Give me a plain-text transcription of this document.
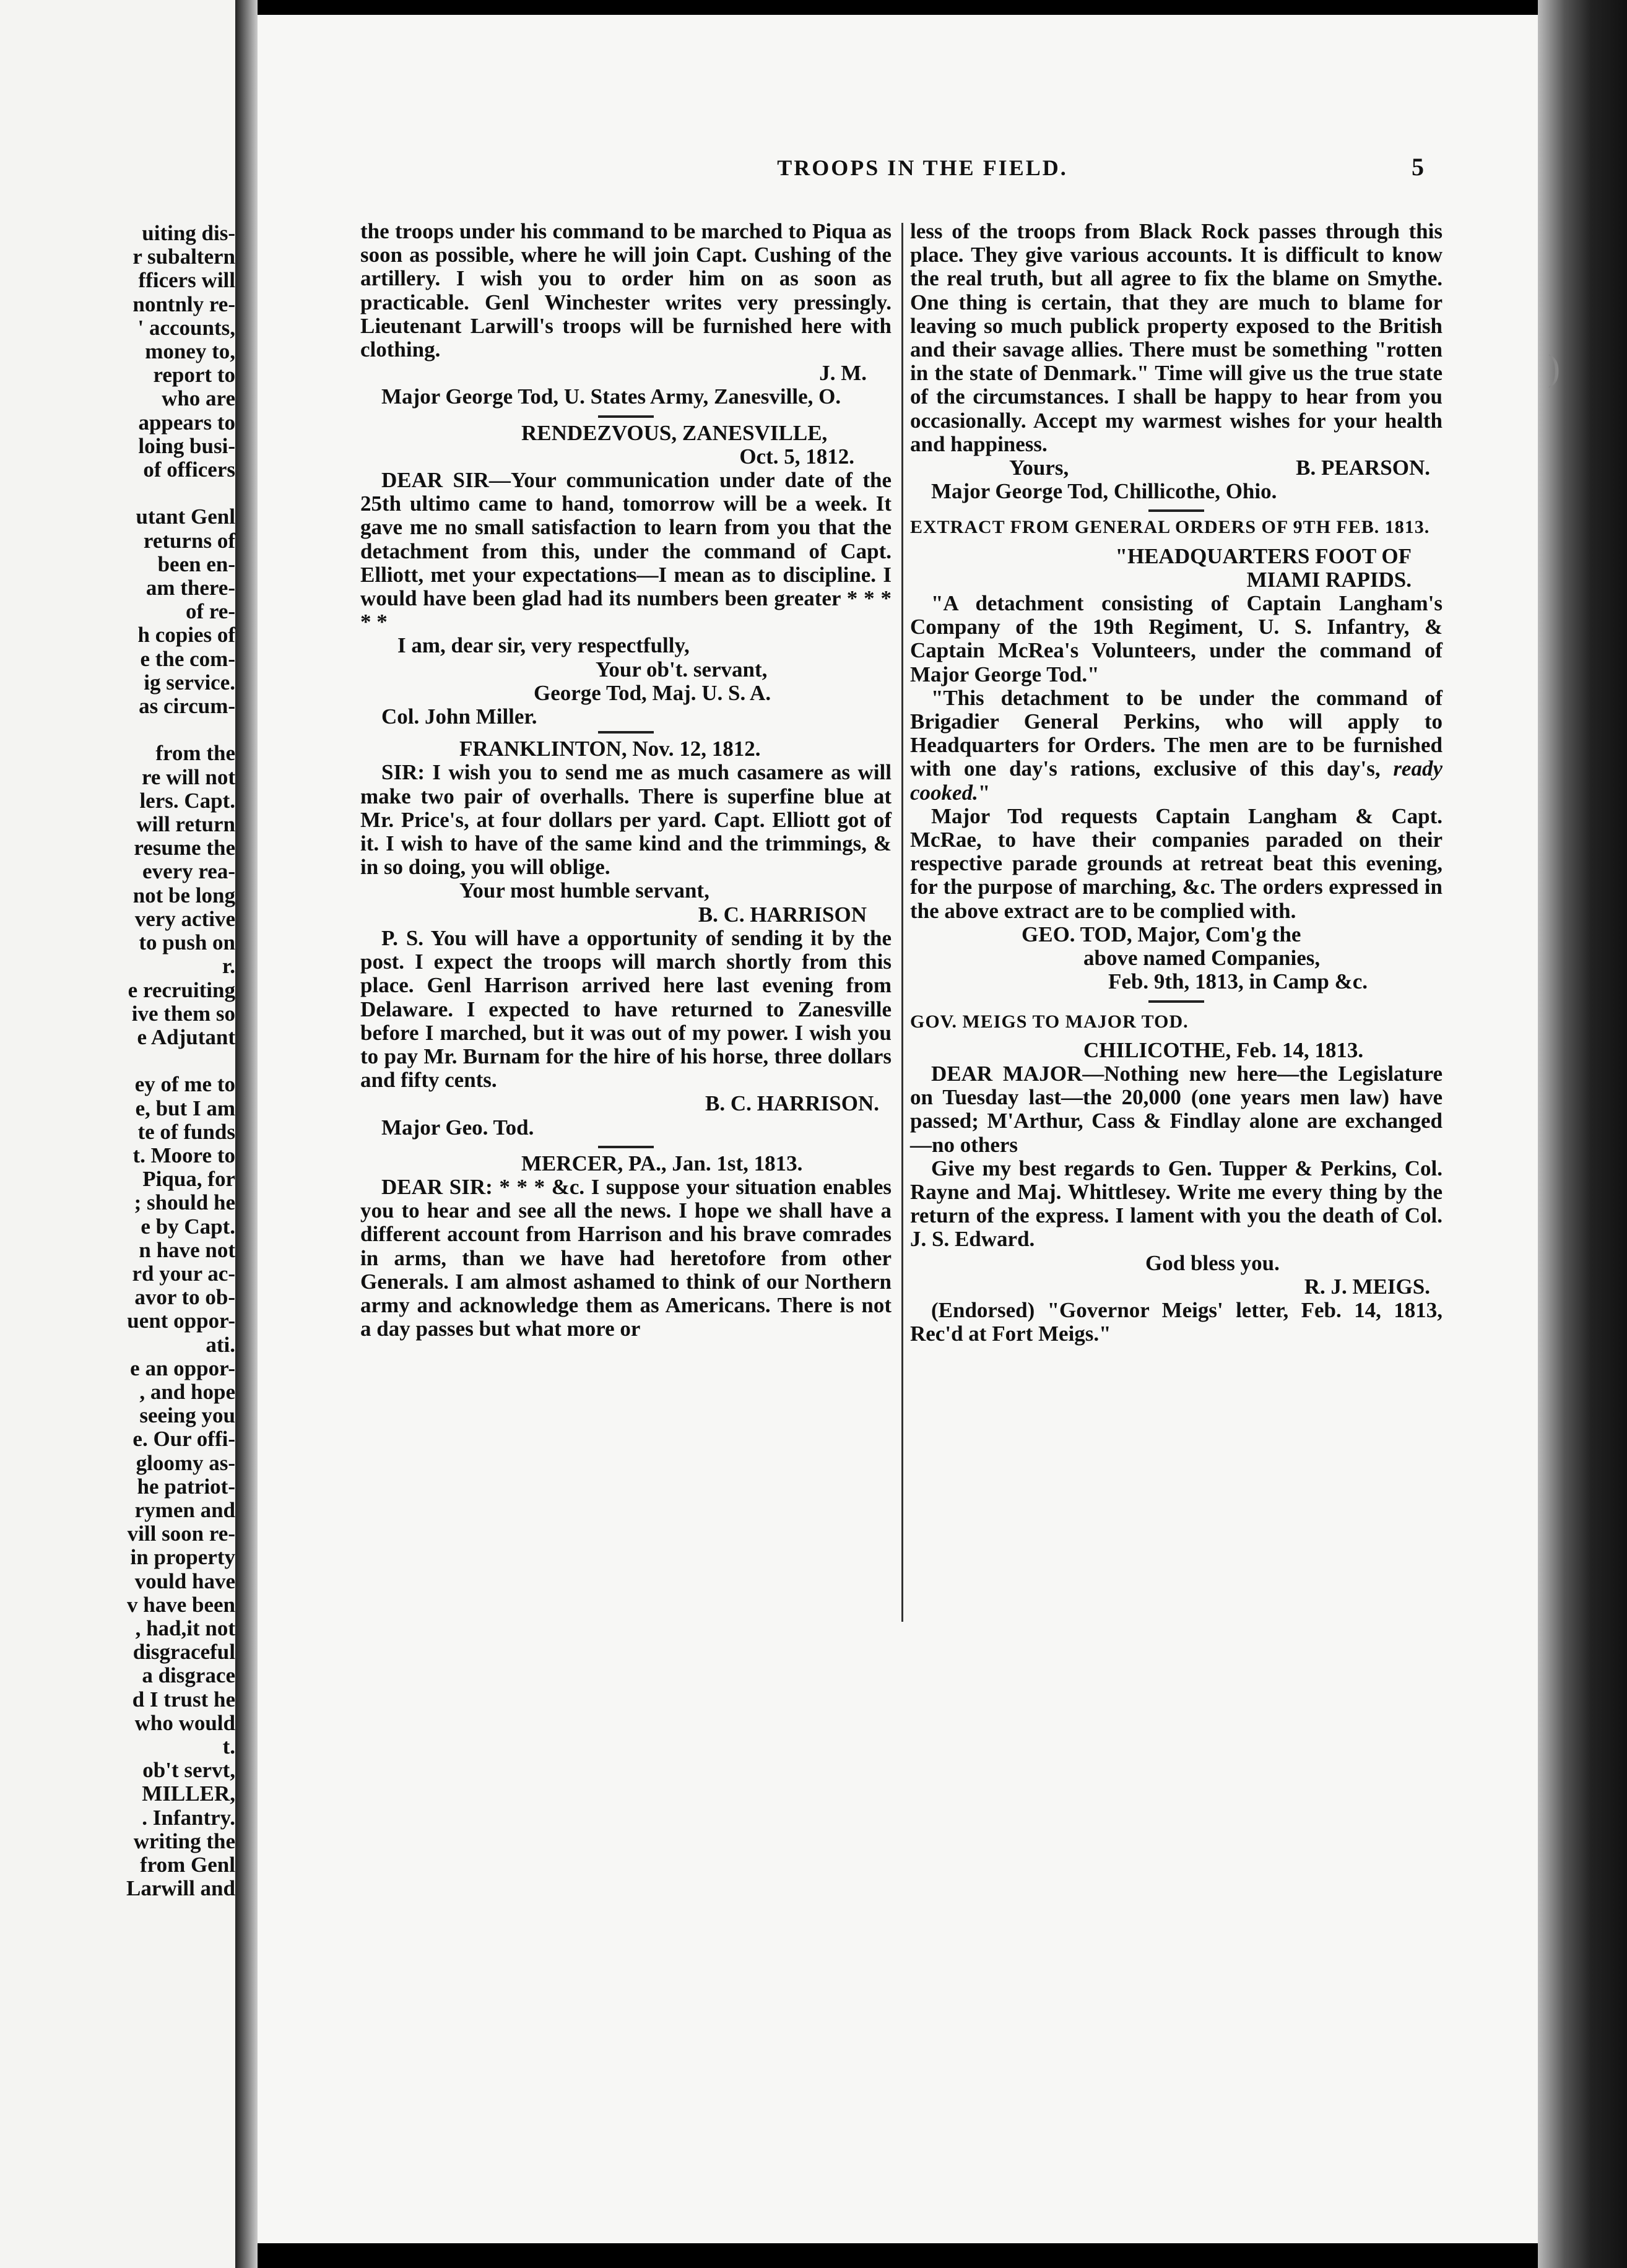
uiting dis-
r subaltern
fficers will
nontnly re-
' accounts,
money to,
report to
who are
appears to
loing busi-
of officers

utant Genl
returns of
been en-
am there-
of re-
h copies of
e the com-
ig service.
as circum-

from the
re will not
lers. Capt.
will return
resume the
every rea-
not be long
very active
to push on
r.
e recruiting
ive them so
e Adjutant

ey of me to
e, but I am
te of funds
t. Moore to
Piqua, for
; should he
e by Capt.
n have not
rd your ac-
avor to ob-
uent oppor-
ati.
e an oppor-
, and hope
seeing you
e. Our offi-
gloomy as-
he patriot-
rymen and
vill soon re-
in property
vould have
v have been
, had,it not
disgraceful
a disgrace
d I trust he
who would
t.
ob't servt,
MILLER,
. Infantry.
writing the
from Genl
Larwill and
TROOPS IN THE FIELD.	5

the troops under his command to be marched to Piqua as soon as possible, where he will join Capt. Cushing of the artillery. I wish you to order him on as soon as practicable. Genl Winchester writes very pressingly. Lieutenant Larwill's troops will be furnished here with clothing.

J. M.

Major George Tod, U. States Army, Zanesville, O.

RENDEZVOUS, ZANESVILLE,

Oct. 5, 1812.

DEAR SIR—Your communication under date of the 25th ultimo came to hand, tomorrow will be a week. It gave me no small satisfaction to learn from you that the detachment from this, under the command of Capt. Elliott, met your expectations—I mean as to discipline. I would have been glad had its numbers been greater * * * * *

I am, dear sir, very respectfully,

Your ob't. servant,

George Tod, Maj. U. S. A.

Col. John Miller.

FRANKLINTON, Nov. 12, 1812.

SIR: I wish you to send me as much casamere as will make two pair of overhalls. There is superfine blue at Mr. Price's, at four dollars per yard. Capt. Elliott got of it. I wish to have of the same kind and the trimmings, & in so doing, you will oblige.

Your most humble servant,

B. C. HARRISON

P. S. You will have a opportunity of sending it by the post. I expect the troops will march shortly from this place. Genl Harrison arrived here last evening from Delaware. I expected to have returned to Zanesville before I marched, but it was out of my power. I wish you to pay Mr. Burnam for the hire of his horse, three dollars and fifty cents.

B. C. HARRISON.

Major Geo. Tod.

MERCER, PA., Jan. 1st, 1813.

DEAR SIR: * * * &c. I suppose your situation enables you to hear and see all the news. I hope we shall have a different account from Harrison and his brave comrades in arms, than we have had heretofore from other Generals. I am almost ashamed to think of our Northern army and acknowledge them as Americans. There is not a day passes but what more or

less of the troops from Black Rock passes through this place. They give various accounts. It is difficult to know the real truth, but all agree to fix the blame on Smythe. One thing is certain, that they are much to blame for leaving so much publick property exposed to the British and their savage allies. There must be something "rotten in the state of Denmark." Time will give us the true state of the circumstances. I shall be happy to hear from you occasionally. Accept my warmest wishes for your health and happiness.

Yours,	B. PEARSON.

Major George Tod, Chillicothe, Ohio.

EXTRACT FROM GENERAL ORDERS OF 9TH FEB. 1813.

"HEADQUARTERS FOOT OF

MIAMI RAPIDS.

"A detachment consisting of Captain Langham's Company of the 19th Regiment, U. S. Infantry, & Captain McRea's Volunteers, under the command of Major George Tod."

"This detachment to be under the command of Brigadier General Perkins, who will apply to Headquarters for Orders. The men are to be furnished with one day's rations, exclusive of this day's, ready cooked."

Major Tod requests Captain Langham & Capt. McRae, to have their companies paraded on their respective parade grounds at retreat beat this evening, for the purpose of marching, &c. The orders expressed in the above extract are to be complied with.

GEO. TOD, Major, Com'g the

above named Companies,

Feb. 9th, 1813, in Camp &c.

GOV. MEIGS TO MAJOR TOD.

CHILICOTHE, Feb. 14, 1813.

DEAR MAJOR—Nothing new here—the Legislature on Tuesday last—the 20,000 (one years men law) have passed; M'Arthur, Cass & Findlay alone are exchanged—no others

Give my best regards to Gen. Tupper & Perkins, Col. Rayne and Maj. Whittlesey. Write me every thing by the return of the express. I lament with you the death of Col. J. S. Edward.

God bless you.

R. J. MEIGS.

(Endorsed) "Governor Meigs' letter, Feb. 14, 1813, Rec'd at Fort Meigs."

)
